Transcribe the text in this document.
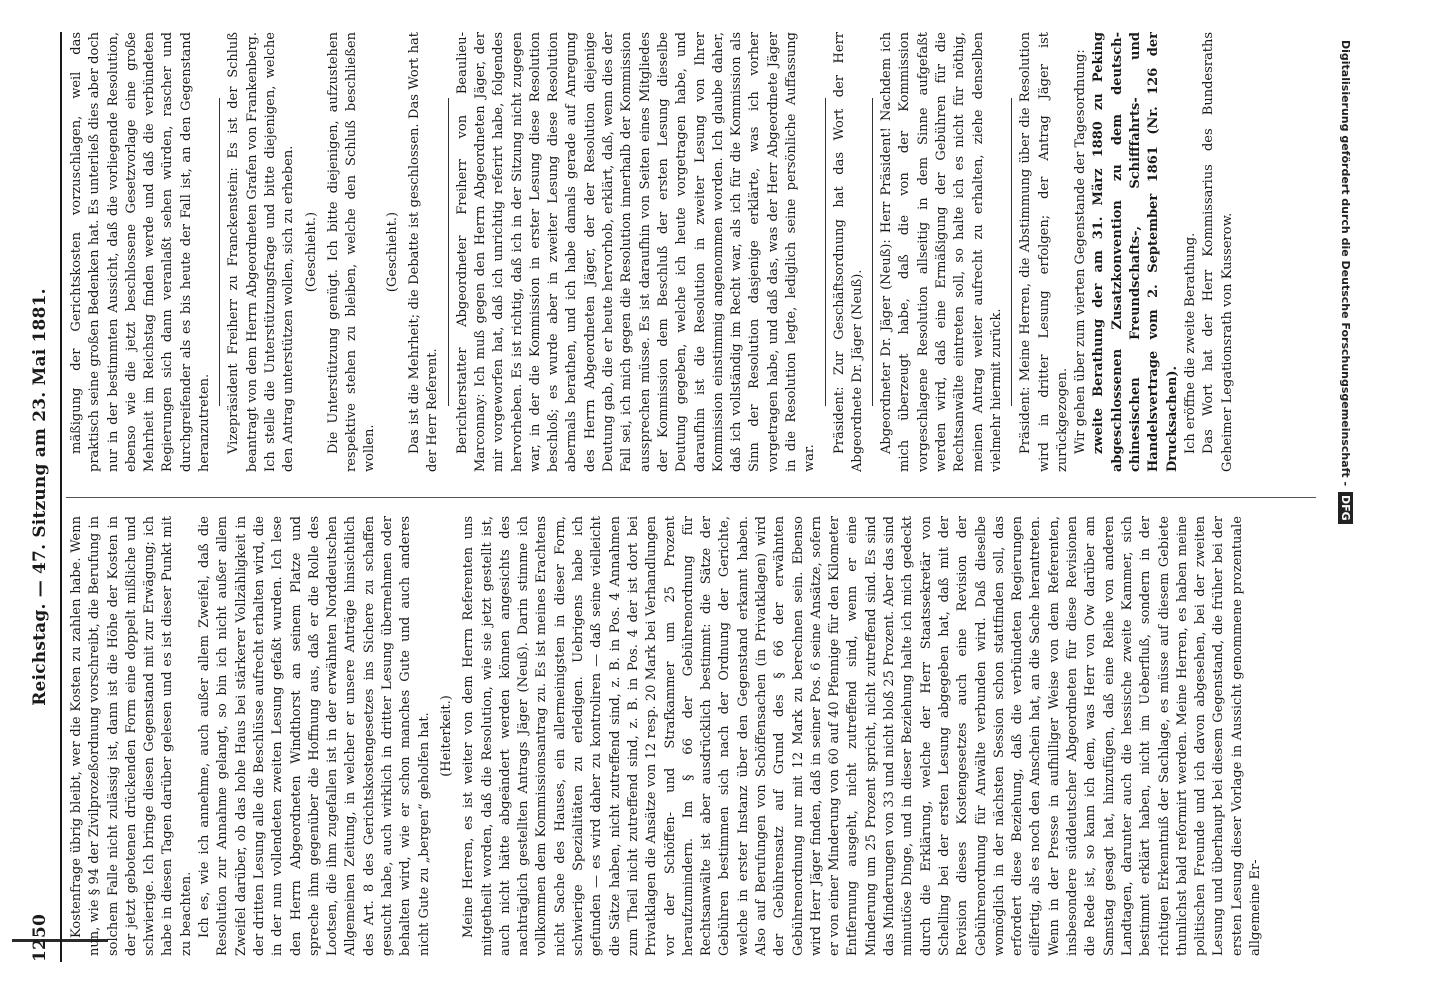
1250
Reichstag. — 47. Sitzung am 23. Mai 1881.

Kostenfrage übrig bleibt, wer die Kosten zu zahlen habe. Wenn nun, wie § 94 der Zivilprozeßordnung vorschreibt, die Berufung in solchem Falle nicht zulässig ist, dann ist die Höhe der Kosten in der jetzt gebotenen drückenden Form eine doppelt mißliche und schwierige. Ich bringe diesen Gegenstand mit zur Erwägung; ich habe in diesen Tagen darüber gelesen und es ist dieser Punkt mit zu beachten. Ich es, wie ich annehme, auch außer allem Zweifel, daß die Resolution zur Annahme gelangt, so bin ich nicht außer allem Zweifel darüber, ob das hohe Haus bei stärkerer Vollzähligkeit in der dritten Lesung alle die Beschlüsse aufrecht erhalten wird, die in der nun vollendeten zweiten Lesung gefaßt wurden. Ich lese den Herrn Abgeordneten Windthorst an seinem Platze und spreche ihm gegenüber die Hoffnung aus, daß er die Rolle des Lootsen, die ihm zugefallen ist in der erwähnten Norddeutschen Allgemeinen Zeitung, in welcher er unsere Anträge hinsichtlich des Art. 8 des Gerichtskostengesetzes ins Sichere zu schaffen gesucht habe, auch wirklich in dritter Lesung übernehmen oder behalten wird, wie er schon manches Gute und auch anderes nicht Gute zu „bergen“ geholfen hat. (Heiterkeit.) Meine Herren, es ist weiter von dem Herrn Referenten uns mitgetheilt worden, daß die Resolution, wie sie jetzt gestellt ist, auch nicht hätte abgeändert werden können angesichts des nachträglich gestellten Antrags Jäger (Neuß). Darin stimme ich vollkommen dem Kommissionsantrag zu. Es ist meines Erachtens nicht Sache des Hauses, ein allermeinigsten in dieser Form, schwierige Spezialitäten zu erledigen. Uebrigens habe ich gefunden — es wird daher zu kontroliren — daß seine vielleicht die Sätze haben, nicht zutreffend sind, z. B. in Pos. 4 Annahmen zum Theil nicht zutreffend sind, z. B. in Pos. 4 der ist dort bei Privatklagen die Ansätze von 12 resp. 20 Mark bei Verhandlungen vor der Schöffen- und Strafkammer um 25 Prozent heraufzumindern. Im § 66 der Gebührenordnung für Rechtsanwälte ist aber ausdrücklich bestimmt: die Sätze der Gebühren bestimmen sich nach der Ordnung der Gerichte, welche in erster Instanz über den Gegenstand erkannt haben. Also auf Berufungen von Schöffensachen (in Privatklagen) wird der Gebührensatz auf Grund des § 66 der erwähnten Gebührenordnung nur mit 12 Mark zu berechnen sein. Ebenso wird Herr Jäger finden, daß in seiner Pos. 6 seine Ansätze, sofern er von einer Minderung von 60 auf 40 Pfennige für den Kilometer Entfernung ausgeht, nicht zutreffend sind, wenn er eine Minderung um 25 Prozent spricht, nicht zutreffend sind. Es sind das Minderungen von 33 und nicht bloß 25 Prozent. Aber das sind minutiöse Dinge, und in dieser Beziehung halte ich mich gedeckt durch die Erklärung, welche der Herr Staatssekretär von Schelling bei der ersten Lesung abgegeben hat, daß mit der Revision dieses Kostengesetzes auch eine Revision der Gebührenordnung für Anwälte verbunden wird. Daß dieselbe womöglich in der nächsten Session schon stattfinden soll, das erfordert diese Beziehung, daß die verbündeten Regierungen eilfertig, als es noch den Anschein hat, an die Sache herantreten. Wenn in der Presse in aufhilliger Weise von dem Referenten, insbesondere süddeutscher Abgeordneten für diese Revisionen die Rede ist, so kann ich dem, was Herr von Ow darüber am Samstag gesagt hat, hinzufügen, daß eine Reihe von anderen Landtagen, darunter auch die hessische zweite Kammer, sich bestimmt erklärt haben, nicht im Ueberfluß, sondern in der richtigen Erkenntniß der Sachlage, es müsse auf diesem Gebiete thunlichst bald reformirt werden. Meine Herren, es haben meine politischen Freunde und ich davon abgesehen, bei der zweiten Lesung und überhaupt bei diesem Gegenstand, die früher bei der ersten Lesung dieser Vorlage in Aussicht genommene prozentuale allgemeine Er-

mäßigung der Gerichtskosten vorzuschlagen, weil das praktisch seine großen Bedenken hat. Es unterließ dies aber doch nur in der bestimmten Aussicht, daß die vorliegende Resolution, ebenso wie die jetzt beschlossene Gesetzvorlage eine große Mehrheit im Reichstag finden werde und daß die verbündeten Regierungen sich dann veranlaßt sehen würden, rascher und durchgreifender als es bis heute der Fall ist, an den Gegenstand heranzutreten. Vizepräsident Freiherr zu Franckenstein: Es ist der Schluß beantragt von dem Herrn Abgeordneten Grafen von Frankenberg. Ich stelle die Unterstützungsfrage und bitte diejenigen, welche den Antrag unterstützen wollen, sich zu erheben. (Geschieht.) Die Unterstützung genügt. Ich bitte diejenigen, aufzustehen respektive stehen zu bleiben, welche den Schluß beschließen wollen.

(Geschieht.) Das ist die Mehrheit; die Debatte ist geschlossen. Das Wort hat der Herr Referent. Berichterstatter Abgeordneter Freiherr von Beaulieu-Marconnay: Ich muß gegen den Herrn Abgeordneten Jäger, der mir vorgeworfen hat, daß ich unrichtig referirt habe, folgendes hervorheben. Es ist richtig, daß ich in der Sitzung nicht zugegen war, in der die Kommission in erster Lesung diese Resolution beschloß; es wurde aber in zweiter Lesung diese Resolution abermals berathen, und ich habe damals gerade auf Anregung des Herrn Abgeordneten Jäger, der der Resolution diejenige Deutung gab, die er heute hervorhob, erklärt, daß, wenn dies der Fall sei, ich mich gegen die Resolution innerhalb der Kommission aussprechen müsse. Es ist daraufhin von Seiten eines Mitgliedes der Kommission dem Beschluß der ersten Lesung dieselbe Deutung gegeben, welche ich heute vorgetragen habe, und daraufhin ist die Resolution in zweiter Lesung von Ihrer Kommission einstimmig angenommen worden. Ich glaube daher, daß ich vollständig im Recht war, als ich für die Kommission als Sinn der Resolution dasjenige erklärte, was ich vorher vorgetragen habe, und daß das, was der Herr Abgeordnete Jäger in die Resolution legte, lediglich seine persönliche Auffassung war.

Präsident: Zur Geschäftsordnung hat das Wort der Herr Abgeordnete Dr. Jäger (Neuß). Abgeordneter Dr. Jäger (Neuß): Herr Präsident! Nachdem ich mich überzeugt habe, daß die von der Kommission vorgeschlagene Resolution allseitig in dem Sinne aufgefaßt werden wird, daß eine Ermäßigung der Gebühren für die Rechtsanwälte eintreten soll, so halte ich es nicht für nöthig, meinen Antrag weiter aufrecht zu erhalten, ziehe denselben vielmehr hiermit zurück. Präsident: Meine Herren, die Abstimmung über die Resolution wird in dritter Lesung erfolgen; der Antrag Jäger ist zurückgezogen. Wir gehen über zum vierten Gegenstande der Tagesordnung: zweite Berathung der am 31. März 1880 zu Peking abgeschlossenen Zusatzkonvention zu dem deutsch-chinesischen Freundschafts-, Schifffahrts- und Handelsvertrage vom 2. September 1861 (Nr. 126 der Drucksachen). Ich eröffne die zweite Berathung. Das Wort hat der Herr Kommissarius des Bundesraths Geheimer Legationsrath von Kusserow.	Digitalisierung gefördert durch die Deutsche Forschungsgemeinschaft - DFG
